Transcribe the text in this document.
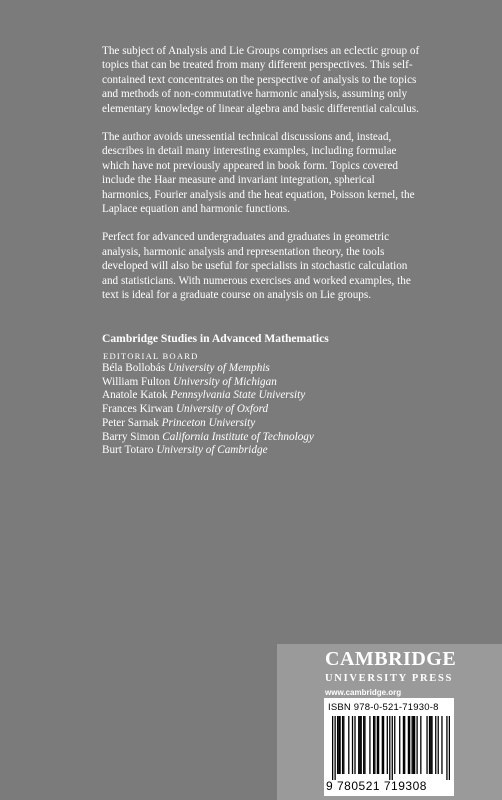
The subject of Analysis and Lie Groups comprises an eclectic group of
topics that can be treated from many different perspectives. This self-
contained text concentrates on the perspective of analysis to the topics
and methods of non-commutative harmonic analysis, assuming only
elementary knowledge of linear algebra and basic differential calculus.

The author avoids unessential technical discussions and, instead,
describes in detail many interesting examples, including formulae
which have not previously appeared in book form. Topics covered
include the Haar measure and invariant integration, spherical
harmonics, Fourier analysis and the heat equation, Poisson kernel, the
Laplace equation and harmonic functions.

Perfect for advanced undergraduates and graduates in geometric
analysis, harmonic analysis and representation theory, the tools
developed will also be useful for specialists in stochastic calculation
and statisticians. With numerous exercises and worked examples, the
text is ideal for a graduate course on analysis on Lie groups.

Cambridge Studies in Advanced Mathematics
EDITORIAL BOARD
Béla Bollobás University of Memphis
William Fulton University of Michigan
Anatole Katok Pennsylvania State University
Frances Kirwan University of Oxford
Peter Sarnak Princeton University
Barry Simon California Institute of Technology
Burt Totaro University of Cambridge
CAMBRIDGE
UNIVERSITY PRESS
www.cambridge.org
ISBN 978-0-521-71930-8
9 780521 719308
